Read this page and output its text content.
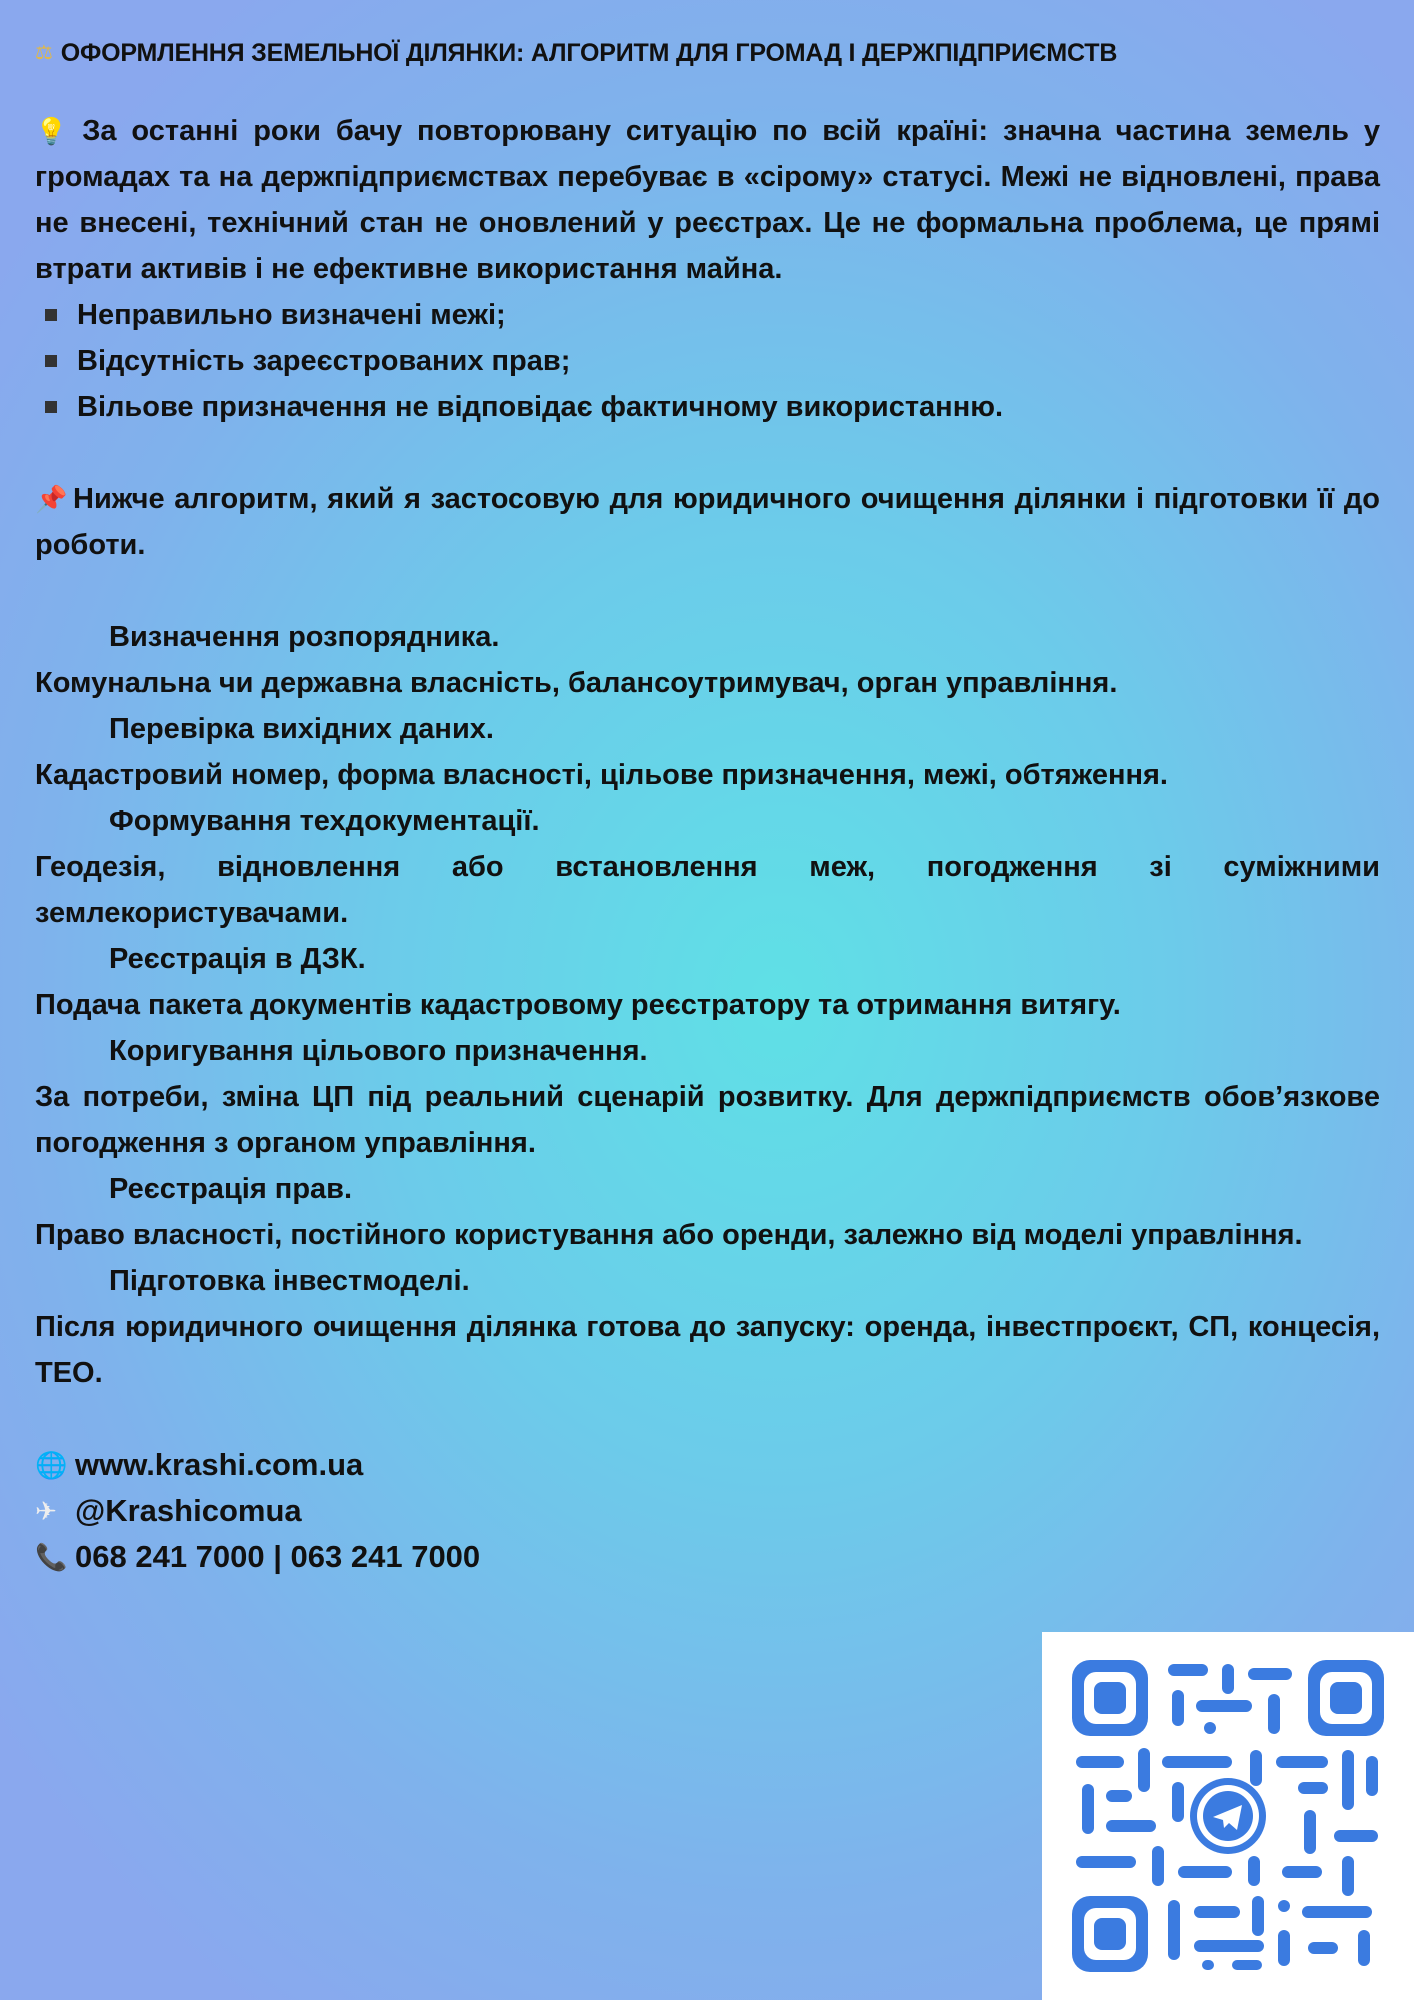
⚖ ОФОРМЛЕННЯ ЗЕМЕЛЬНОЇ ДІЛЯНКИ: АЛГОРИТМ ДЛЯ ГРОМАД І ДЕРЖПІДПРИЄМСТВ

💡 За останні роки бачу повторювану ситуацію по всій країні: значна частина земель у громадах та на держпідприємствах перебуває в «сірому» статусі. Межі не відновлені, права не внесені, технічний стан не оновлений у реєстрах. Це не формальна проблема, це прямі втрати активів і не ефективне використання майна.

Неправильно визначені межі;
Відсутність зареєстрованих прав;
Вільове призначення не відповідає фактичному використанню.

📌 Нижче алгоритм, який я застосовую для юридичного очищення ділянки і підготовки її до роботи.

Визначення розпорядника.

Комунальна чи державна власність, балансоутримувач, орган управління.

Перевірка вихідних даних.

Кадастровий номер, форма власності, цільове призначення, межі, обтяження.

Формування техдокументації.

Геодезія, відновлення або встановлення меж, погодження зі суміжними землекористувачами.

Реєстрація в ДЗК.

Подача пакета документів кадастровому реєстратору та отримання витягу.

Коригування цільового призначення.

За потреби, зміна ЦП під реальний сценарій розвитку. Для держпідприємств обов’язкове погодження з органом управління.

Реєстрація прав.

Право власності, постійного користування або оренди, залежно від моделі управління.

Підготовка інвестмоделі.

Після юридичного очищення ділянка готова до запуску: оренда, інвестпроєкт, СП, концесія, ТЕО.

🌐 www.krashi.com.ua
✈ @Krashicomua
📞 068 241 7000 | 063 241 7000
